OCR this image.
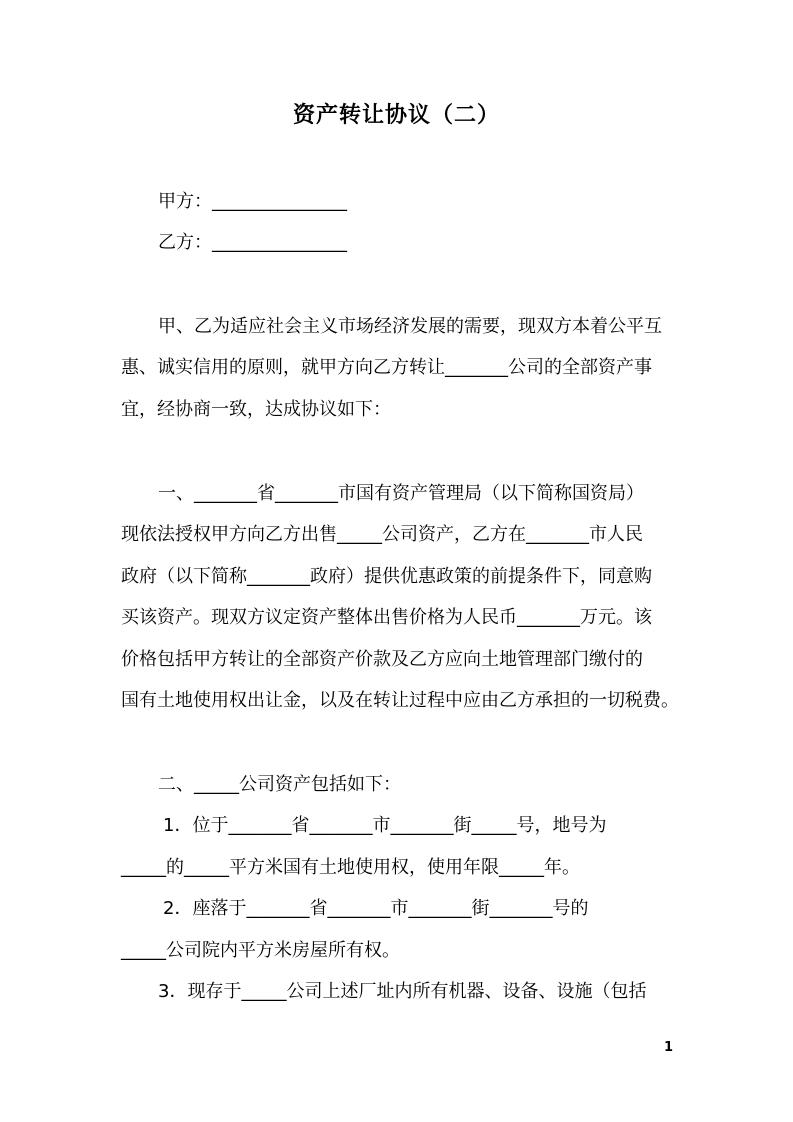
资产转让协议（二）
甲方：_______________
乙方：_______________
甲、乙为适应社会主义市场经济发展的需要，现双方本着公平互
惠、诚实信用的原则，就甲方向乙方转让_______公司的全部资产事
宜，经协商一致，达成协议如下：
一、_______省_______市国有资产管理局（以下简称国资局）
现依法授权甲方向乙方出售_____公司资产，乙方在_______市人民
政府（以下简称_______政府）提供优惠政策的前提条件下，同意购
买该资产。现双方议定资产整体出售价格为人民币_______万元。该
价格包括甲方转让的全部资产价款及乙方应向土地管理部门缴付的
国有土地使用权出让金，以及在转让过程中应由乙方承担的一切税费。
二、_____公司资产包括如下：
1．位于_______省_______市_______街_____号，地号为
_____的_____平方米国有土地使用权，使用年限_____年。
2．座落于_______省_______市_______街_______号的
_____公司院内平方米房屋所有权。
3．现存于_____公司上述厂址内所有机器、设备、设施（包括
1
